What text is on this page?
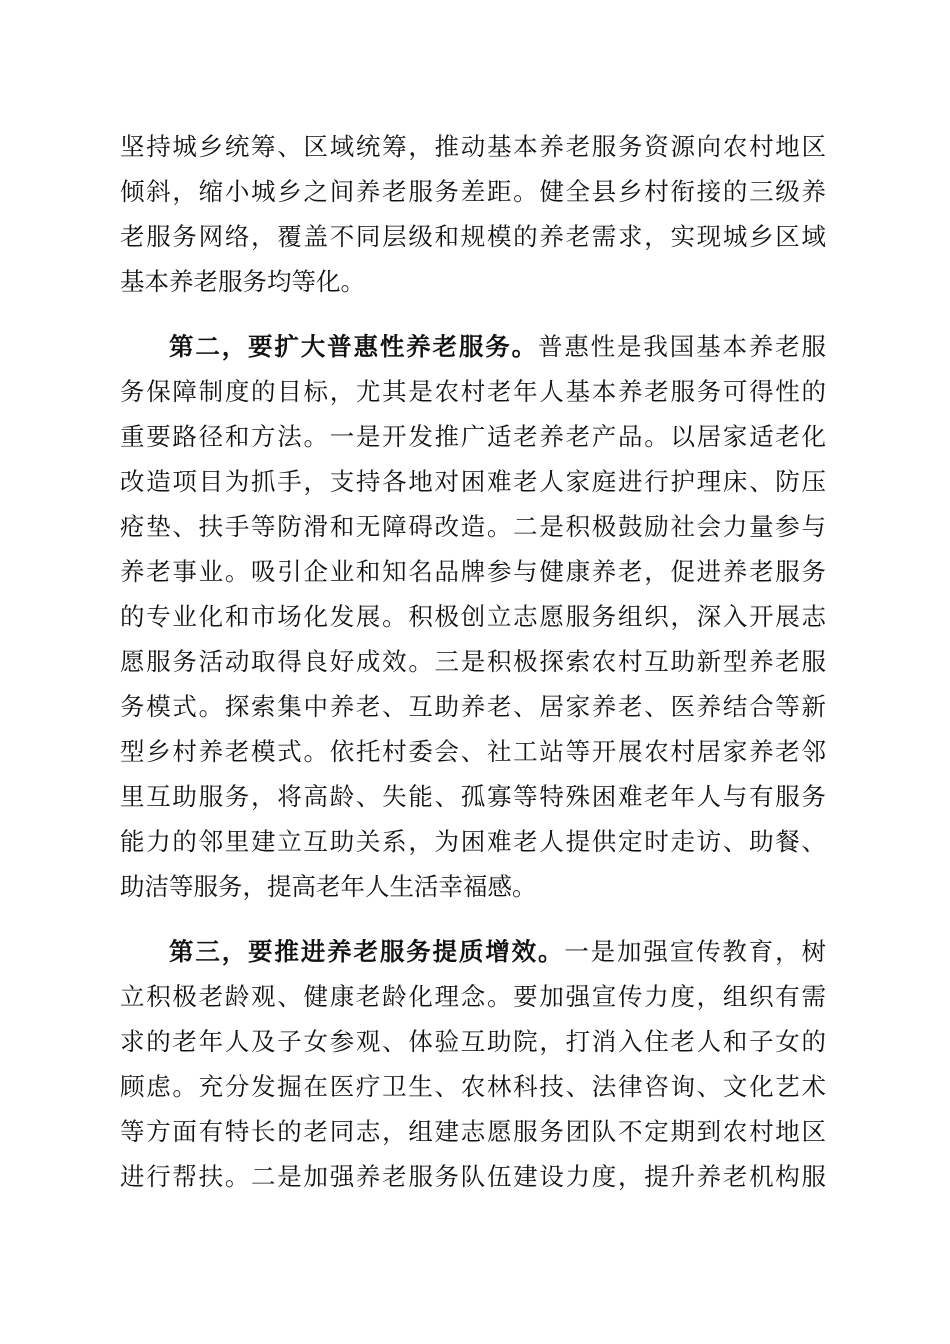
坚持城乡统筹、区域统筹，推动基本养老服务资源向农村地区
倾斜，缩小城乡之间养老服务差距。健全县乡村衔接的三级养
老服务网络，覆盖不同层级和规模的养老需求，实现城乡区域
基本养老服务均等化。
第二，要扩大普惠性养老服务。普惠性是我国基本养老服
务保障制度的目标，尤其是农村老年人基本养老服务可得性的
重要路径和方法。一是开发推广适老养老产品。以居家适老化
改造项目为抓手，支持各地对困难老人家庭进行护理床、防压
疮垫、扶手等防滑和无障碍改造。二是积极鼓励社会力量参与
养老事业。吸引企业和知名品牌参与健康养老，促进养老服务
的专业化和市场化发展。积极创立志愿服务组织，深入开展志
愿服务活动取得良好成效。三是积极探索农村互助新型养老服
务模式。探索集中养老、互助养老、居家养老、医养结合等新
型乡村养老模式。依托村委会、社工站等开展农村居家养老邻
里互助服务，将高龄、失能、孤寡等特殊困难老年人与有服务
能力的邻里建立互助关系，为困难老人提供定时走访、助餐、
助洁等服务，提高老年人生活幸福感。
第三，要推进养老服务提质增效。一是加强宣传教育，树
立积极老龄观、健康老龄化理念。要加强宣传力度，组织有需
求的老年人及子女参观、体验互助院，打消入住老人和子女的
顾虑。充分发掘在医疗卫生、农林科技、法律咨询、文化艺术
等方面有特长的老同志，组建志愿服务团队不定期到农村地区
进行帮扶。二是加强养老服务队伍建设力度，提升养老机构服
